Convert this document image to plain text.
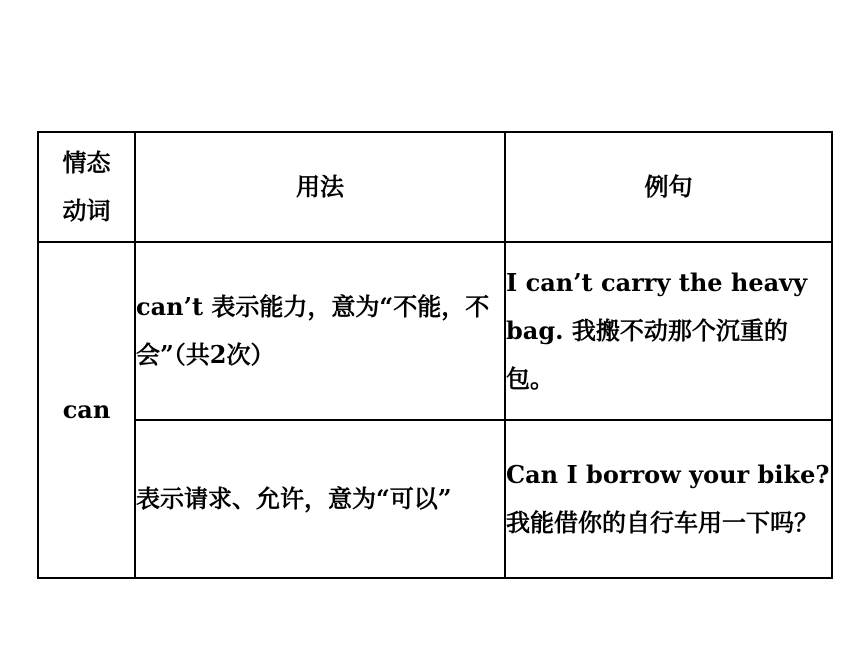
情态
动词	用法	例句
can	can’t 表示能力，意为“不能，不会”（共2次）	I can’t carry the heavy bag. 我搬不动那个沉重的包。
	表示请求、允许，意为“可以”	Can I borrow your bike? 我能借你的自行车用一下吗？
